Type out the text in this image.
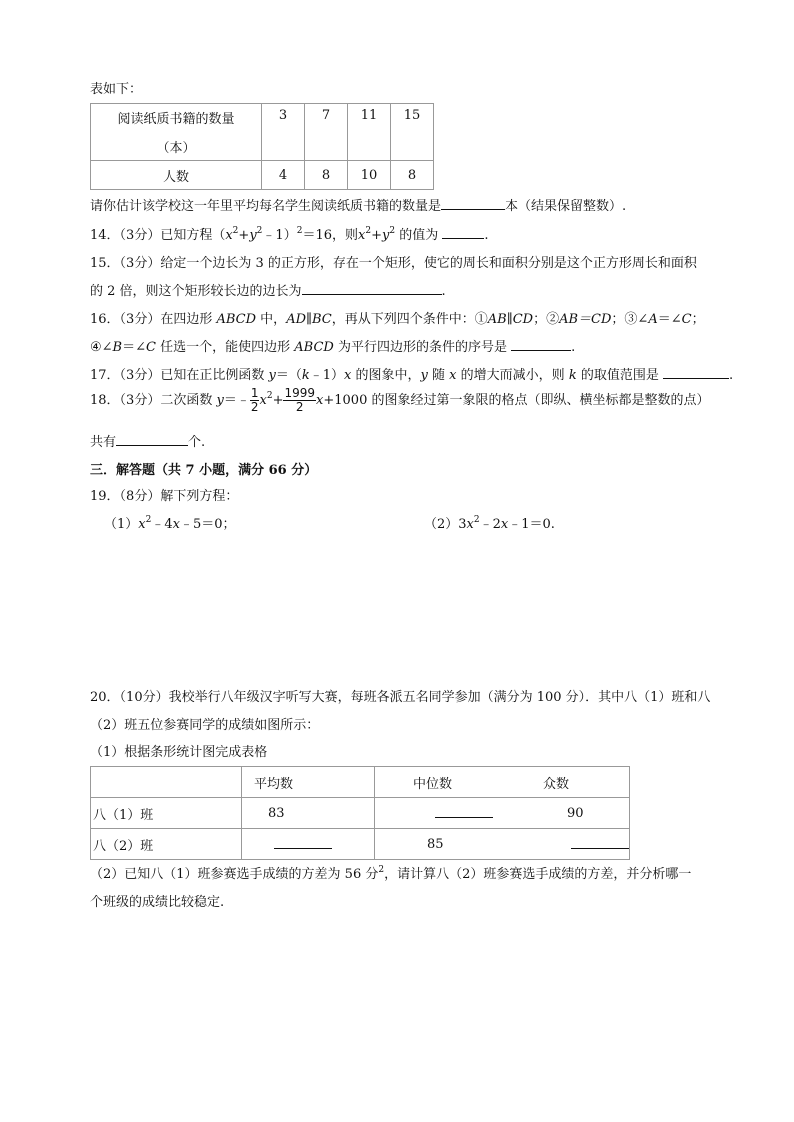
表如下：
阅读纸质书籍的数量
（本）	3	7	11	15
人数	4	8	10	8
请你估计该学校这一年里平均每名学生阅读纸质书籍的数量是	本（结果保留整数）.
14．（3分）已知方程$(x^2+y^2﹣1)^2=16$，则$x^2+y^2$ 的值为	.
15．（3分）给定一个边长为 3 的正方形，存在一个矩形，使它的周长和面积分别是这个正方形周长和面积
的 2 倍，则这个矩形较长边的边长为	.
16．（3分）在四边形 ABCD 中，AD∥BC，再从下列四个条件中：①AB∥CD；②AB＝CD；③∠A＝∠C；
④∠B＝∠C 任选一个，能使四边形 ABCD 为平行四边形的条件的序号是	.
17．（3分）已知在正比例函数 y＝（k﹣1）x 的图象中，y 随 x 的增大而减小，则 k 的取值范围是	.
18．（3分）二次函数 y＝﹣ $\frac{1}{2} x^2+ \frac{1999}{2} x+1000$ 的图象经过第一象限的格点（即纵、横坐标都是整数的点）
共有	个.
三．解答题（共 7 小题，满分 66 分）
19．（8分）解下列方程：
$(1)x^2﹣4x﹣5=0$；	$(2)3x^2﹣2x﹣1=0$.
20．（10分）我校举行八年级汉字听写大赛，每班各派五名同学参加（满分为 100 分）．其中八（1）班和八
（2）班五位参赛同学的成绩如图所示：
（1）根据条形统计图完成表格
	平均数	中位数	众数
八（1）班	83		90
八（2）班		85	
（2）已知八（1）班参赛选手成绩的方差为 56 分$^2$，请计算八（2）班参赛选手成绩的方差，并分析哪一
个班级的成绩比较稳定.
